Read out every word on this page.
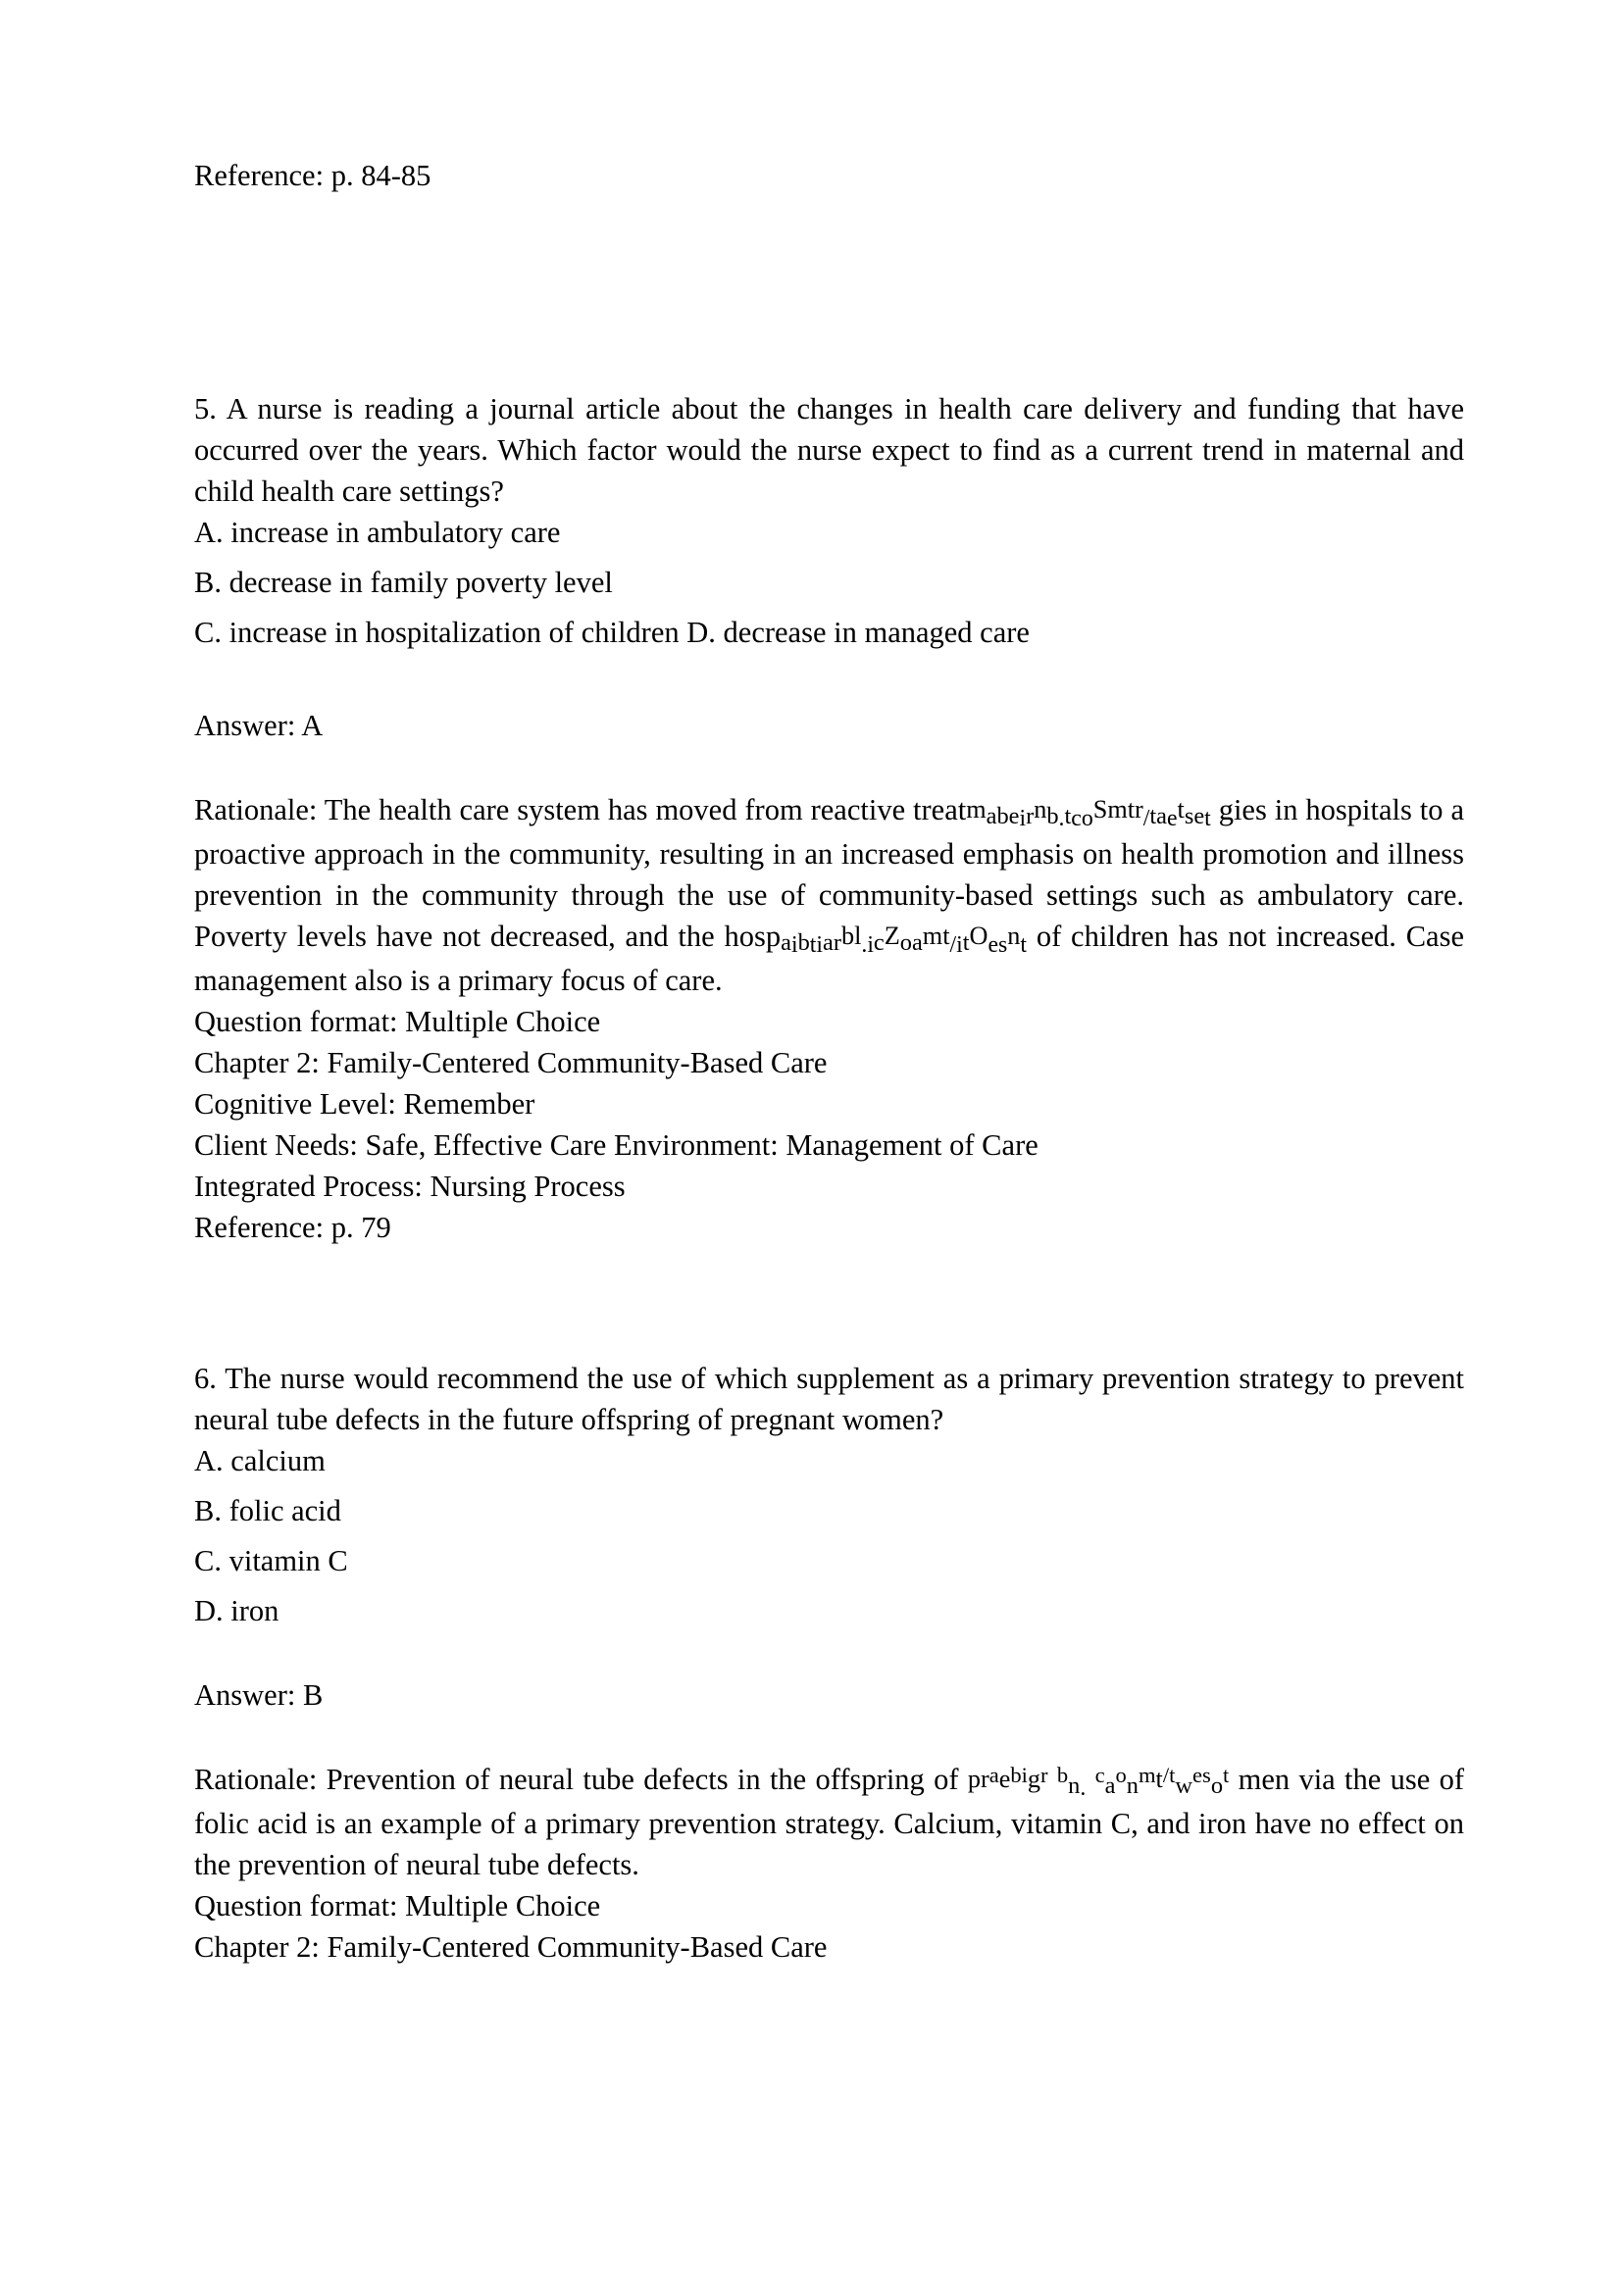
Reference: p. 84-85

5. A nurse is reading a journal article about the changes in health care delivery and funding that have occurred over the years. Which factor would the nurse expect to find as a current trend in maternal and child health care settings?

A. increase in ambulatory care

B. decrease in family poverty level

C. increase in hospitalization of children D. decrease in managed care

Answer: A

Rationale: The health care system has moved from reactive treatmabeirnb.tcoSmtr/taetset gies in hospitals to a proactive approach in the community, resulting in an increased emphasis on health promotion and illness prevention in the community through the use of community-based settings such as ambulatory care. Poverty levels have not decreased, and the hospaibtiarbl.icZoamt/itOesnt of children has not increased. Case management also is a primary focus of care.

Question format: Multiple Choice

Chapter 2: Family-Centered Community-Based Care

Cognitive Level: Remember

Client Needs: Safe, Effective Care Environment: Management of Care

Integrated Process: Nursing Process

Reference: p. 79

6. The nurse would recommend the use of which supplement as a primary prevention strategy to prevent neural tube defects in the future offspring of pregnant women?

A. calcium

B. folic acid

C. vitamin C

D. iron

Answer: B

Rationale: Prevention of neural tube defects in the offspring of $pr^ae^{bi}g^r$ $^b$n. $^ca^on^mt^{/t}w^{es}o^t$ men via the use of folic acid is an example of a primary prevention strategy. Calcium, vitamin C, and iron have no effect on the prevention of neural tube defects.

Question format: Multiple Choice

Chapter 2: Family-Centered Community-Based Care
